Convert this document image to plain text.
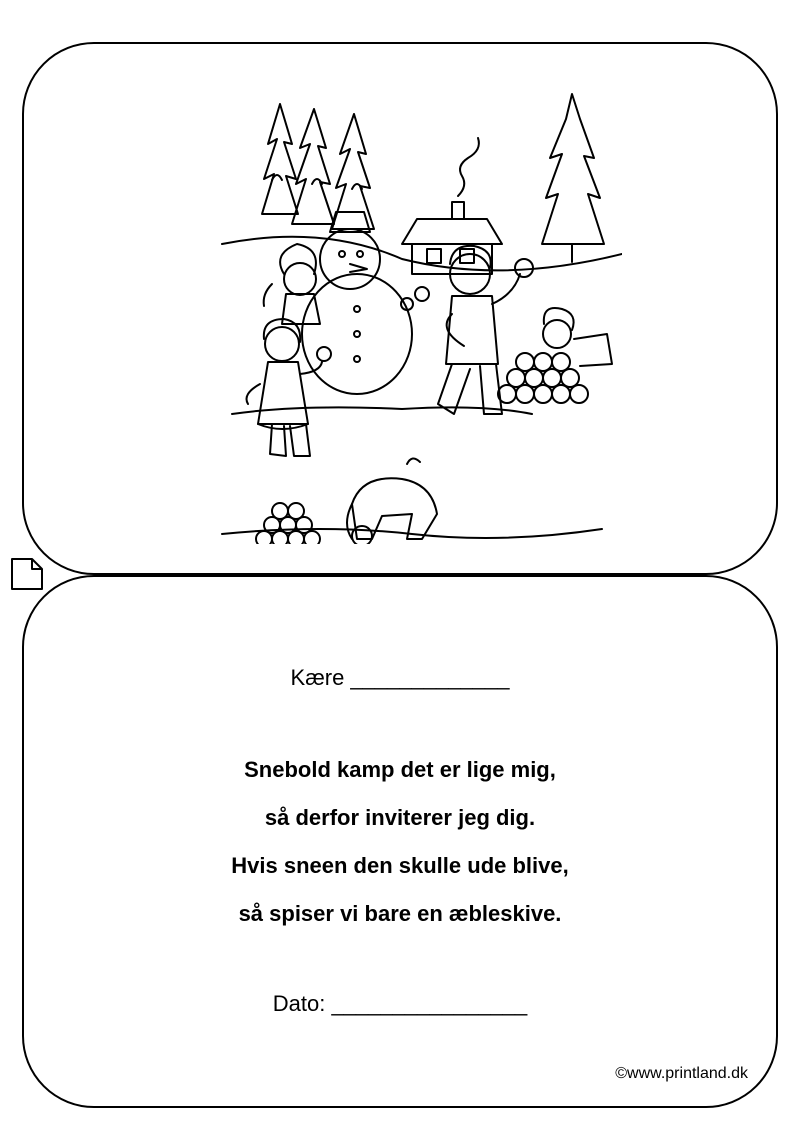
Kære _____________
Snebold kamp det er lige mig,
så derfor inviterer jeg dig.
Hvis sneen den skulle ude blive,
så spiser vi bare en æbleskive.
Dato: ________________
©www.printland.dk
